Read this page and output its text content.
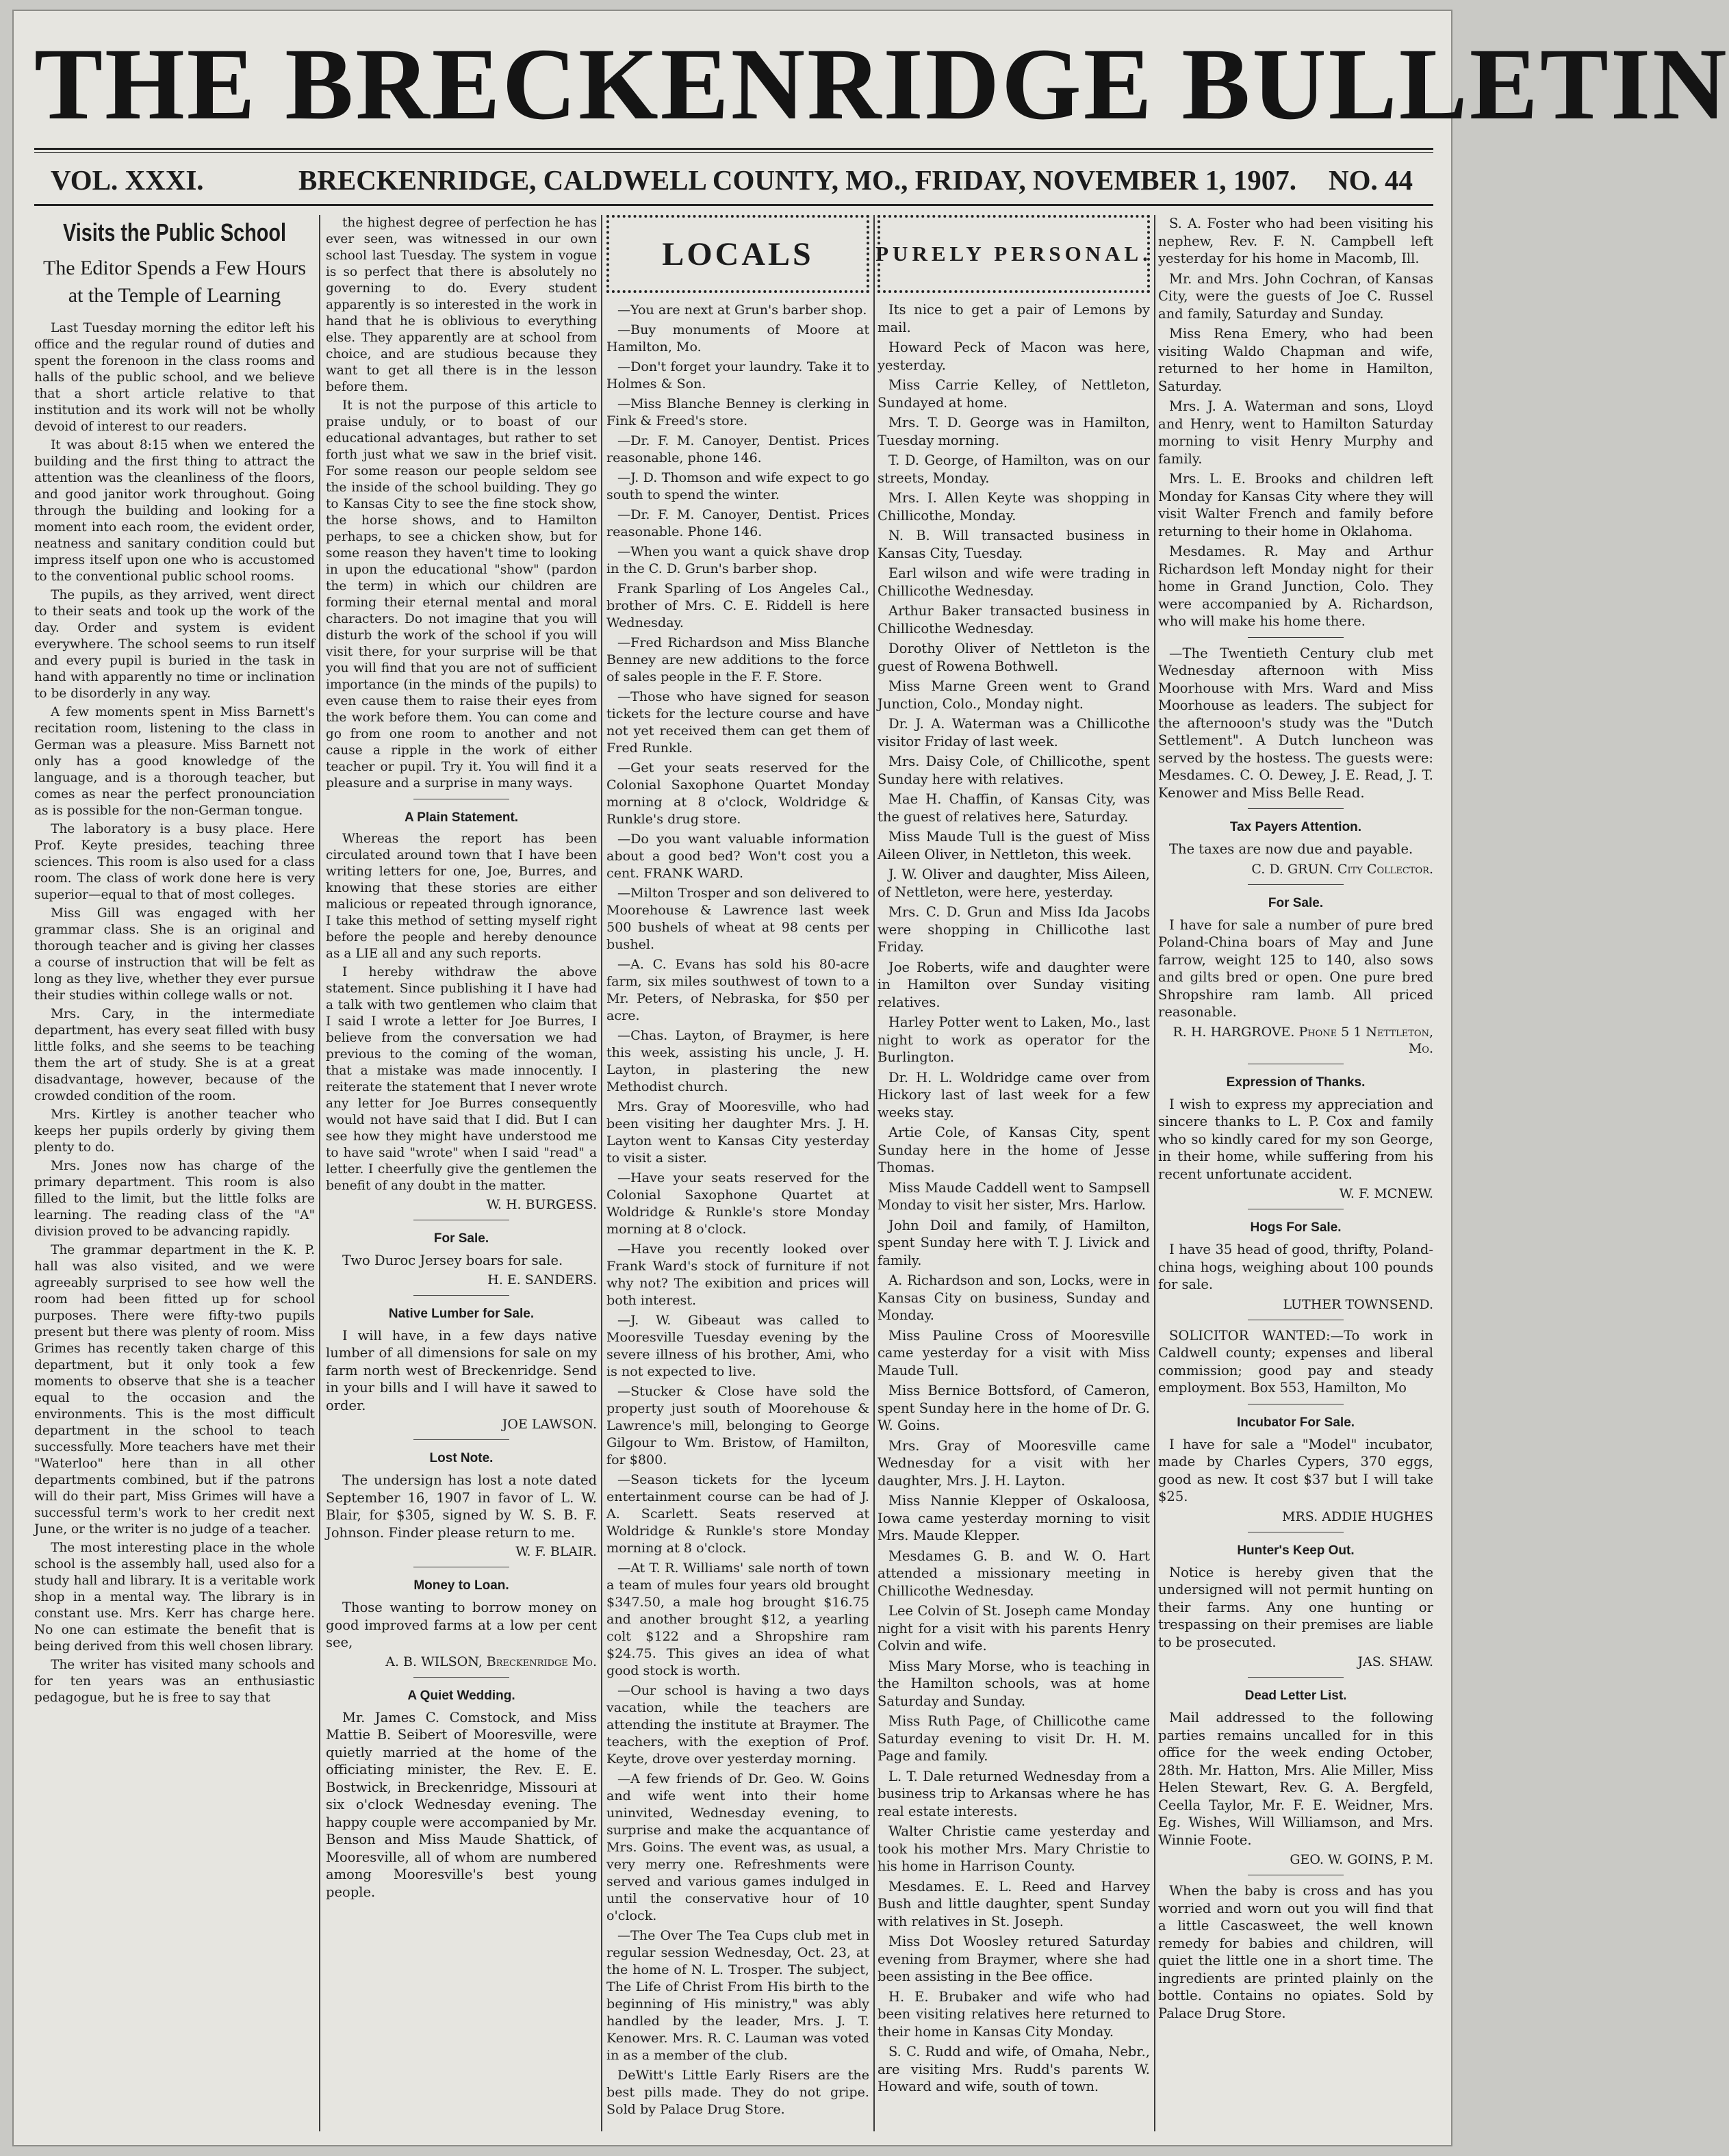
THE BRECKENRIDGE BULLETIN
VOL. XXXI.	BRECKENRIDGE, CALDWELL COUNTY, MO., FRIDAY, NOVEMBER 1, 1907. NO. 44
Visits the Public School
The Editor Spends a Few Hours at the Temple of Learning

Last Tuesday morning the editor left his office and the regular round of duties and spent the forenoon in the class rooms and halls of the public school, and we believe that a short article relative to that institution and its work will not be wholly devoid of interest to our readers.

It was about 8:15 when we entered the building and the first thing to attract the attention was the cleanliness of the floors, and good janitor work throughout. Going through the building and looking for a moment into each room, the evident order, neatness and sanitary condition could but impress itself upon one who is accustomed to the conventional public school rooms.

The pupils, as they arrived, went direct to their seats and took up the work of the day. Order and system is evident everywhere. The school seems to run itself and every pupil is buried in the task in hand with apparently no time or inclination to be disorderly in any way.

A few moments spent in Miss Barnett's recitation room, listening to the class in German was a pleasure. Miss Barnett not only has a good knowledge of the language, and is a thorough teacher, but comes as near the perfect pronounciation as is possible for the non-German tongue.

The laboratory is a busy place. Here Prof. Keyte presides, teaching three sciences. This room is also used for a class room. The class of work done here is very superior—equal to that of most colleges.

Miss Gill was engaged with her grammar class. She is an original and thorough teacher and is giving her classes a course of instruction that will be felt as long as they live, whether they ever pursue their studies within college walls or not.

Mrs. Cary, in the intermediate department, has every seat filled with busy little folks, and she seems to be teaching them the art of study. She is at a great disadvantage, however, because of the crowded condition of the room.

Mrs. Kirtley is another teacher who keeps her pupils orderly by giving them plenty to do.

Mrs. Jones now has charge of the primary department. This room is also filled to the limit, but the little folks are learning. The reading class of the "A" division proved to be advancing rapidly.

The grammar department in the K. P. hall was also visited, and we were agreeably surprised to see how well the room had been fitted up for school purposes. There were fifty-two pupils present but there was plenty of room. Miss Grimes has recently taken charge of this department, but it only took a few moments to observe that she is a teacher equal to the occasion and the environments. This is the most difficult department in the school to teach successfully. More teachers have met their "Waterloo" here than in all other departments combined, but if the patrons will do their part, Miss Grimes will have a successful term's work to her credit next June, or the writer is no judge of a teacher.

The most interesting place in the whole school is the assembly hall, used also for a study hall and library. It is a veritable work shop in a mental way. The library is in constant use. Mrs. Kerr has charge here. No one can estimate the benefit that is being derived from this well chosen library.

The writer has visited many schools and for ten years was an enthusiastic pedagogue, but he is free to say that

the highest degree of perfection he has ever seen, was witnessed in our own school last Tuesday. The system in vogue is so perfect that there is absolutely no governing to do. Every student apparently is so interested in the work in hand that he is oblivious to everything else. They apparently are at school from choice, and are studious because they want to get all there is in the lesson before them.

It is not the purpose of this article to praise unduly, or to boast of our educational advantages, but rather to set forth just what we saw in the brief visit. For some reason our people seldom see the inside of the school building. They go to Kansas City to see the fine stock show, the horse shows, and to Hamilton perhaps, to see a chicken show, but for some reason they haven't time to looking in upon the educational "show" (pardon the term) in which our children are forming their eternal mental and moral characters. Do not imagine that you will disturb the work of the school if you will visit there, for your surprise will be that you will find that you are not of sufficient importance (in the minds of the pupils) to even cause them to raise their eyes from the work before them. You can come and go from one room to another and not cause a ripple in the work of either teacher or pupil. Try it. You will find it a pleasure and a surprise in many ways.

A Plain Statement.

Whereas the report has been circulated around town that I have been writing letters for one, Joe, Burres, and knowing that these stories are either malicious or repeated through ignorance, I take this method of setting myself right before the people and hereby denounce as a LIE all and any such reports.

I hereby withdraw the above statement. Since publishing it I have had a talk with two gentlemen who claim that I said I wrote a letter for Joe Burres, I believe from the conversation we had previous to the coming of the woman, that a mistake was made innocently. I reiterate the statement that I never wrote any letter for Joe Burres consequently would not have said that I did. But I can see how they might have understood me to have said "wrote" when I said "read" a letter. I cheerfully give the gentlemen the benefit of any doubt in the matter.

W. H. BURGESS.
For Sale.

Two Duroc Jersey boars for sale.

H. E. SANDERS.
Native Lumber for Sale.

I will have, in a few days native lumber of all dimensions for sale on my farm north west of Breckenridge. Send in your bills and I will have it sawed to order.

JOE LAWSON.
Lost Note.

The undersign has lost a note dated September 16, 1907 in favor of L. W. Blair, for $305, signed by W. S. B. F. Johnson. Finder please return to me.

W. F. BLAIR.
Money to Loan.

Those wanting to borrow money on good improved farms at a low per cent see,

A. B. WILSON, Breckenridge Mo.
A Quiet Wedding.

Mr. James C. Comstock, and Miss Mattie B. Seibert of Mooresville, were quietly married at the home of the officiating minister, the Rev. E. E. Bostwick, in Breckenridge, Missouri at six o'clock Wednesday evening. The happy couple were accompanied by Mr. Benson and Miss Maude Shattick, of Mooresville, all of whom are numbered among Mooresville's best young people.

LOCALS

—You are next at Grun's barber shop.

—Buy monuments of Moore at Hamilton, Mo.

—Don't forget your laundry. Take it to Holmes & Son.

—Miss Blanche Benney is clerking in Fink & Freed's store.

—Dr. F. M. Canoyer, Dentist. Prices reasonable, phone 146.

—J. D. Thomson and wife expect to go south to spend the winter.

—Dr. F. M. Canoyer, Dentist. Prices reasonable. Phone 146.

—When you want a quick shave drop in the C. D. Grun's barber shop.

Frank Sparling of Los Angeles Cal., brother of Mrs. C. E. Riddell is here Wednesday.

—Fred Richardson and Miss Blanche Benney are new additions to the force of sales people in the F. F. Store.

—Those who have signed for season tickets for the lecture course and have not yet received them can get them of Fred Runkle.

—Get your seats reserved for the Colonial Saxophone Quartet Monday morning at 8 o'clock, Woldridge & Runkle's drug store.

—Do you want valuable information about a good bed? Won't cost you a cent. FRANK WARD.

—Milton Trosper and son delivered to Moorehouse & Lawrence last week 500 bushels of wheat at 98 cents per bushel.

—A. C. Evans has sold his 80-acre farm, six miles southwest of town to a Mr. Peters, of Nebraska, for $50 per acre.

—Chas. Layton, of Braymer, is here this week, assisting his uncle, J. H. Layton, in plastering the new Methodist church.

Mrs. Gray of Mooresville, who had been visiting her daughter Mrs. J. H. Layton went to Kansas City yesterday to visit a sister.

—Have your seats reserved for the Colonial Saxophone Quartet at Woldridge & Runkle's store Monday morning at 8 o'clock.

—Have you recently looked over Frank Ward's stock of furniture if not why not? The exibition and prices will both interest.

—J. W. Gibeaut was called to Mooresville Tuesday evening by the severe illness of his brother, Ami, who is not expected to live.

—Stucker & Close have sold the property just south of Moorehouse & Lawrence's mill, belonging to George Gilgour to Wm. Bristow, of Hamilton, for $800.

—Season tickets for the lyceum entertainment course can be had of J. A. Scarlett. Seats reserved at Woldridge & Runkle's store Monday morning at 8 o'clock.

—At T. R. Williams' sale north of town a team of mules four years old brought $347.50, a male hog brought $16.75 and another brought $12, a yearling colt $122 and a Shropshire ram $24.75. This gives an idea of what good stock is worth.

—Our school is having a two days vacation, while the teachers are attending the institute at Braymer. The teachers, with the exeption of Prof. Keyte, drove over yesterday morning.

—A few friends of Dr. Geo. W. Goins and wife went into their home uninvited, Wednesday evening, to surprise and make the acquantance of Mrs. Goins. The event was, as usual, a very merry one. Refreshments were served and various games indulged in until the conservative hour of 10 o'clock.

—The Over The Tea Cups club met in regular session Wednesday, Oct. 23, at the home of N. L. Trosper. The subject, The Life of Christ From His birth to the beginning of His ministry," was ably handled by the leader, Mrs. J. T. Kenower. Mrs. R. C. Lauman was voted in as a member of the club.

DeWitt's Little Early Risers are the best pills made. They do not gripe. Sold by Palace Drug Store.

PURELY PERSONAL.

Its nice to get a pair of Lemons by mail.

Howard Peck of Macon was here, yesterday.

Miss Carrie Kelley, of Nettleton, Sundayed at home.

Mrs. T. D. George was in Hamilton, Tuesday morning.

T. D. George, of Hamilton, was on our streets, Monday.

Mrs. I. Allen Keyte was shopping in Chillicothe, Monday.

N. B. Will transacted business in Kansas City, Tuesday.

Earl wilson and wife were trading in Chillicothe Wednesday.

Arthur Baker transacted business in Chillicothe Wednesday.

Dorothy Oliver of Nettleton is the guest of Rowena Bothwell.

Miss Marne Green went to Grand Junction, Colo., Monday night.

Dr. J. A. Waterman was a Chillicothe visitor Friday of last week.

Mrs. Daisy Cole, of Chillicothe, spent Sunday here with relatives.

Mae H. Chaffin, of Kansas City, was the guest of relatives here, Saturday.

Miss Maude Tull is the guest of Miss Aileen Oliver, in Nettleton, this week.

J. W. Oliver and daughter, Miss Aileen, of Nettleton, were here, yesterday.

Mrs. C. D. Grun and Miss Ida Jacobs were shopping in Chillicothe last Friday.

Joe Roberts, wife and daughter were in Hamilton over Sunday visiting relatives.

Harley Potter went to Laken, Mo., last night to work as operator for the Burlington.

Dr. H. L. Woldridge came over from Hickory last of last week for a few weeks stay.

Artie Cole, of Kansas City, spent Sunday here in the home of Jesse Thomas.

Miss Maude Caddell went to Sampsell Monday to visit her sister, Mrs. Harlow.

John Doil and family, of Hamilton, spent Sunday here with T. J. Livick and family.

A. Richardson and son, Locks, were in Kansas City on business, Sunday and Monday.

Miss Pauline Cross of Mooresville came yesterday for a visit with Miss Maude Tull.

Miss Bernice Bottsford, of Cameron, spent Sunday here in the home of Dr. G. W. Goins.

Mrs. Gray of Mooresville came Wednesday for a visit with her daughter, Mrs. J. H. Layton.

Miss Nannie Klepper of Oskaloosa, Iowa came yesterday morning to visit Mrs. Maude Klepper.

Mesdames G. B. and W. O. Hart attended a missionary meeting in Chillicothe Wednesday.

Lee Colvin of St. Joseph came Monday night for a visit with his parents Henry Colvin and wife.

Miss Mary Morse, who is teaching in the Hamilton schools, was at home Saturday and Sunday.

Miss Ruth Page, of Chillicothe came Saturday evening to visit Dr. H. M. Page and family.

L. T. Dale returned Wednesday from a business trip to Arkansas where he has real estate interests.

Walter Christie came yesterday and took his mother Mrs. Mary Christie to his home in Harrison County.

Mesdames. E. L. Reed and Harvey Bush and little daughter, spent Sunday with relatives in St. Joseph.

Miss Dot Woosley retured Saturday evening from Braymer, where she had been assisting in the Bee office.

H. E. Brubaker and wife who had been visiting relatives here returned to their home in Kansas City Monday.

S. C. Rudd and wife, of Omaha, Nebr., are visiting Mrs. Rudd's parents W. Howard and wife, south of town.

S. A. Foster who had been visiting his nephew, Rev. F. N. Campbell left yesterday for his home in Macomb, Ill.

Mr. and Mrs. John Cochran, of Kansas City, were the guests of Joe C. Russel and family, Saturday and Sunday.

Miss Rena Emery, who had been visiting Waldo Chapman and wife, returned to her home in Hamilton, Saturday.

Mrs. J. A. Waterman and sons, Lloyd and Henry, went to Hamilton Saturday morning to visit Henry Murphy and family.

Mrs. L. E. Brooks and children left Monday for Kansas City where they will visit Walter French and family before returning to their home in Oklahoma.

Mesdames. R. May and Arthur Richardson left Monday night for their home in Grand Junction, Colo. They were accompanied by A. Richardson, who will make his home there.

—The Twentieth Century club met Wednesday afternoon with Miss Moorhouse with Mrs. Ward and Miss Moorhouse as leaders. The subject for the afternooon's study was the "Dutch Settlement". A Dutch luncheon was served by the hostess. The guests were: Mesdames. C. O. Dewey, J. E. Read, J. T. Kenower and Miss Belle Read.

Tax Payers Attention.

The taxes are now due and payable.

C. D. GRUN. City Collector.
For Sale.

I have for sale a number of pure bred Poland-China boars of May and June farrow, weight 125 to 140, also sows and gilts bred or open. One pure bred Shropshire ram lamb. All priced reasonable.

R. H. HARGROVE. Phone 5 1 Nettleton, Mo.
Expression of Thanks.

I wish to express my appreciation and sincere thanks to L. P. Cox and family who so kindly cared for my son George, in their home, while suffering from his recent unfortunate accident.

W. F. MCNEW.
Hogs For Sale.

I have 35 head of good, thrifty, Poland-china hogs, weighing about 100 pounds for sale.

LUTHER TOWNSEND.

SOLICITOR WANTED:—To work in Caldwell county; expenses and liberal commission; good pay and steady employment. Box 553, Hamilton, Mo

Incubator For Sale.

I have for sale a "Model" incubator, made by Charles Cypers, 370 eggs, good as new. It cost $37 but I will take $25.

MRS. ADDIE HUGHES
Hunter's Keep Out.

Notice is hereby given that the undersigned will not permit hunting on their farms. Any one hunting or trespassing on their premises are liable to be prosecuted.

JAS. SHAW.
Dead Letter List.

Mail addressed to the following parties remains uncalled for in this office for the week ending October, 28th. Mr. Hatton, Mrs. Alie Miller, Miss Helen Stewart, Rev. G. A. Bergfeld, Ceella Taylor, Mr. F. E. Weidner, Mrs. Eg. Wishes, Will Williamson, and Mrs. Winnie Foote.

GEO. W. GOINS, P. M.

When the baby is cross and has you worried and worn out you will find that a little Cascasweet, the well known remedy for babies and children, will quiet the little one in a short time. The ingredients are printed plainly on the bottle. Contains no opiates. Sold by Palace Drug Store.
